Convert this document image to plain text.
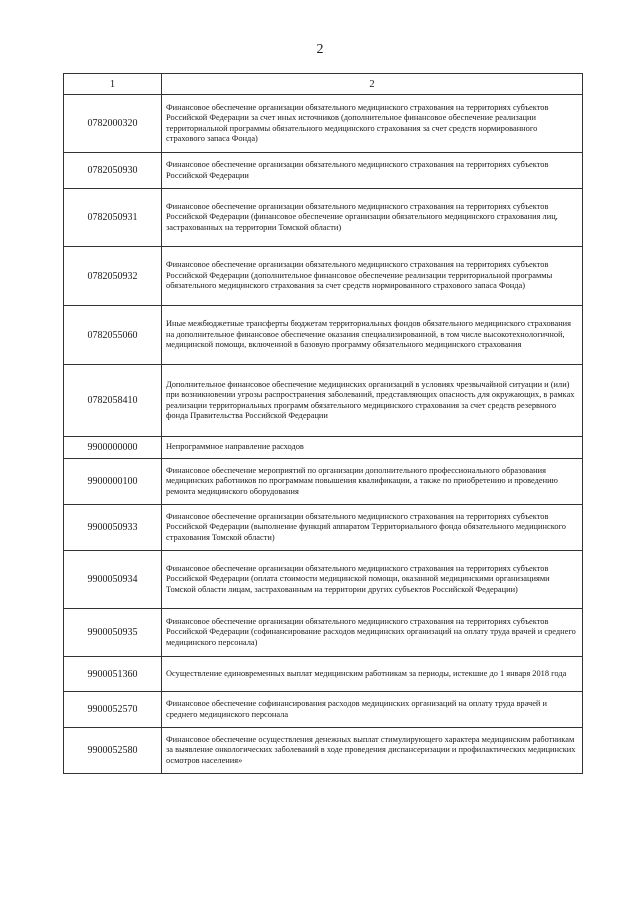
2
1	2
0782000320	Финансовое обеспечение организации обязательного медицинского страхования на территориях субъектов Российской Федерации за счет иных источников (дополнительное финансовое обеспечение реализации территориальной программы обязательного медицинского страхования за счет средств нормированного страхового запаса Фонда)
0782050930	Финансовое обеспечение организации обязательного медицинского страхования на территориях субъектов Российской Федерации
0782050931	Финансовое обеспечение организации обязательного медицинского страхования на территориях субъектов Российской Федерации (финансовое обеспечение организации обязательного медицинского страхования лиц, застрахованных на территории Томской области)
0782050932	Финансовое обеспечение организации обязательного медицинского страхования на территориях субъектов Российской Федерации (дополнительное финансовое обеспечение реализации территориальной программы обязательного медицинского страхования за счет средств нормированного страхового запаса Фонда)
0782055060	Иные межбюджетные трансферты бюджетам территориальных фондов обязательного медицинского страхования на дополнительное финансовое обеспечение оказания специализированной, в том числе высокотехнологичной, медицинской помощи, включенной в базовую программу обязательного медицинского страхования
0782058410	Дополнительное финансовое обеспечение медицинских организаций в условиях чрезвычайной ситуации и (или) при возникновении угрозы распространения заболеваний, представляющих опасность для окружающих, в рамках реализации территориальных программ обязательного медицинского страхования за счет средств резервного фонда Правительства Российской Федерации
9900000000	Непрограммное направление расходов
9900000100	Финансовое обеспечение мероприятий по организации дополнительного профессионального образования медицинских работников по программам повышения квалификации, а также по приобретению и проведению ремонта медицинского оборудования
9900050933	Финансовое обеспечение организации обязательного медицинского страхования на территориях субъектов Российской Федерации (выполнение функций аппаратом Территориального фонда обязательного медицинского страхования Томской области)
9900050934	Финансовое обеспечение организации обязательного медицинского страхования на территориях субъектов Российской Федерации (оплата стоимости медицинской помощи, оказанной медицинскими организациями Томской области лицам, застрахованным на территории других субъектов Российской Федерации)
9900050935	Финансовое обеспечение организации обязательного медицинского страхования на территориях субъектов Российской Федерации (софинансирование расходов медицинских организаций на оплату труда врачей и среднего медицинского персонала)
9900051360	Осуществление единовременных выплат медицинским работникам за периоды, истекшие до 1 января 2018 года
9900052570	Финансовое обеспечение софинансирования расходов медицинских организаций на оплату труда врачей и среднего медицинского персонала
9900052580	Финансовое обеспечение осуществления денежных выплат стимулирующего характера медицинским работникам за выявление онкологических заболеваний в ходе проведения диспансеризации и профилактических медицинских осмотров населения»
